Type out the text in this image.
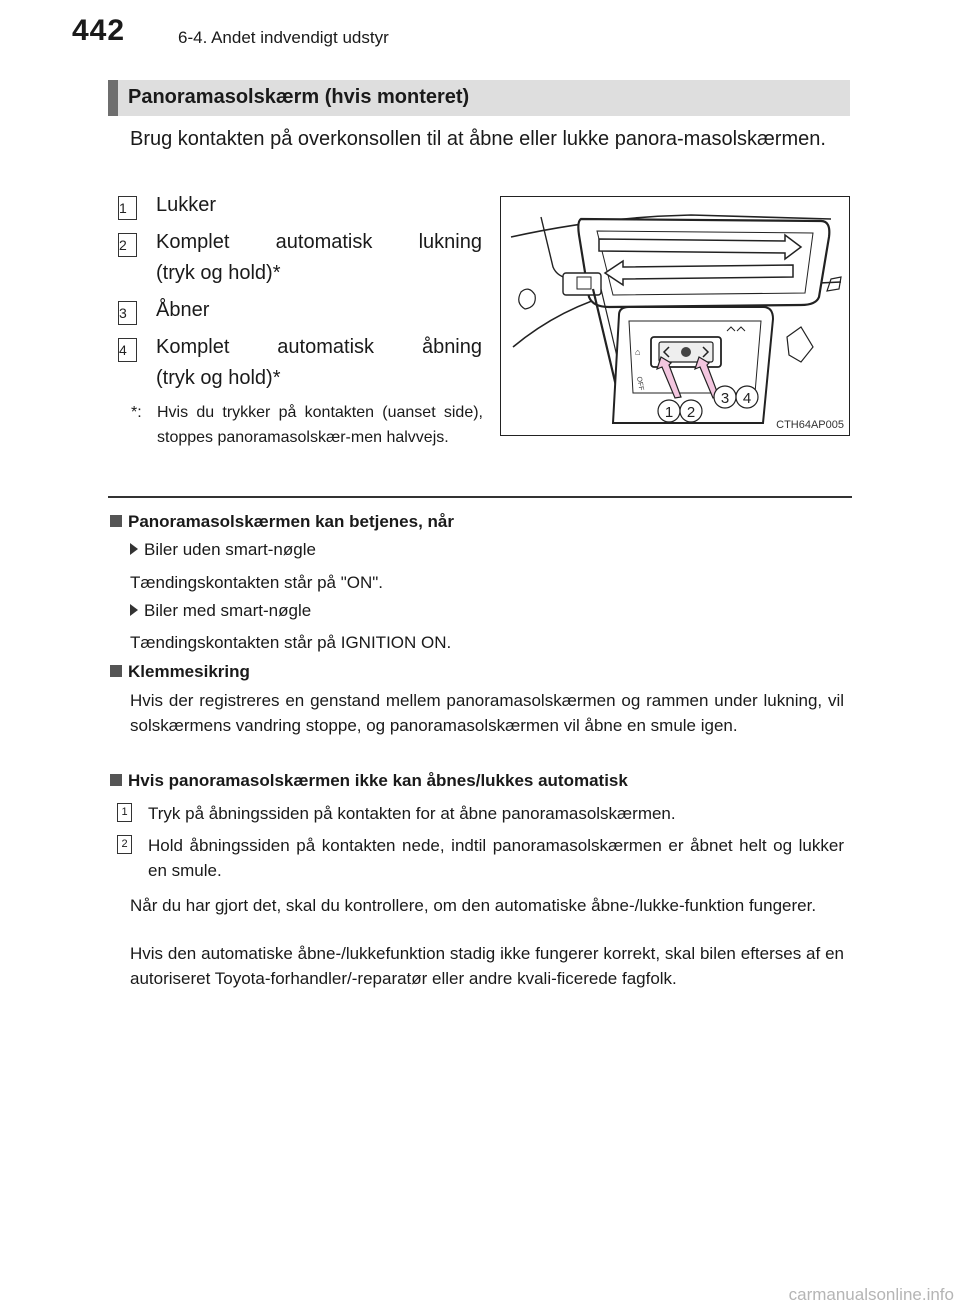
442	6-4. Andet indvendigt udstyr
Panoramasolskærm (hvis monteret)

Brug kontakten på overkonsollen til at åbne eller lukke panora-masolskærmen.

1	Lukker
2	Komplet automatisk lukning
(tryk og hold)*
3	Åbner
4	Komplet automatisk åbning
(tryk og hold)*
*: Hvis du trykker på kontakten (uanset side), stoppes panoramasolskær-men halvvejs.
⌂
OFF
1 2
3 4
CTH64AP005
Panoramasolskærmen kan betjenes, når
Biler uden smart-nøgle
Tændingskontakten står på "ON".
Biler med smart-nøgle
Tændingskontakten står på IGNITION ON.
Klemmesikring

Hvis der registreres en genstand mellem panoramasolskærmen og rammen under lukning, vil solskærmens vandring stoppe, og panoramasolskærmen vil åbne en smule igen.

Hvis panoramasolskærmen ikke kan åbnes/lukkes automatisk
1 Tryk på åbningssiden på kontakten for at åbne panoramasolskærmen.
2 Hold åbningssiden på kontakten nede, indtil panoramasolskærmen er åbnet helt og lukker en smule.

Når du har gjort det, skal du kontrollere, om den automatiske åbne-/lukke-funktion fungerer.

Hvis den automatiske åbne-/lukkefunktion stadig ikke fungerer korrekt, skal bilen efterses af en autoriseret Toyota-forhandler/-reparatør eller andre kvali-ficerede fagfolk.

carmanualsonline.info
